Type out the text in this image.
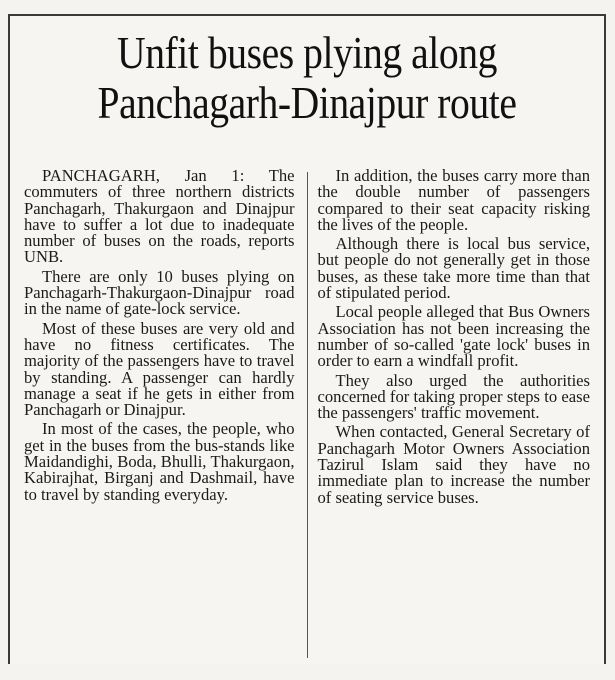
Unfit buses plying along
Panchagarh-Dinajpur route

PANCHAGARH, Jan 1: The commuters of three northern districts Panchagarh, Thakurgaon and Dinajpur have to suffer a lot due to inadequate number of buses on the roads, reports UNB.

There are only 10 buses plying on Panchagarh-Thakurgaon-Dinajpur road in the name of gate-lock service.

Most of these buses are very old and have no fitness certificates. The majority of the passengers have to travel by standing. A passenger can hardly manage a seat if he gets in either from Panchagarh or Dinajpur.

In most of the cases, the people, who get in the buses from the bus-stands like Maidandighi, Boda, Bhulli, Thakurgaon, Kabirajhat, Birganj and Dashmail, have to travel by standing everyday.

In addition, the buses carry more than the double number of passengers compared to their seat capacity risking the lives of the people.

Although there is local bus service, but people do not generally get in those buses, as these take more time than that of stipulated period.

Local people alleged that Bus Owners Association has not been increasing the number of so-called 'gate lock' buses in order to earn a windfall profit.

They also urged the authorities concerned for taking proper steps to ease the passengers' traffic movement.

When contacted, General Secretary of Panchagarh Motor Owners Association Tazirul Islam said they have no immediate plan to increase the number of seating service buses.
